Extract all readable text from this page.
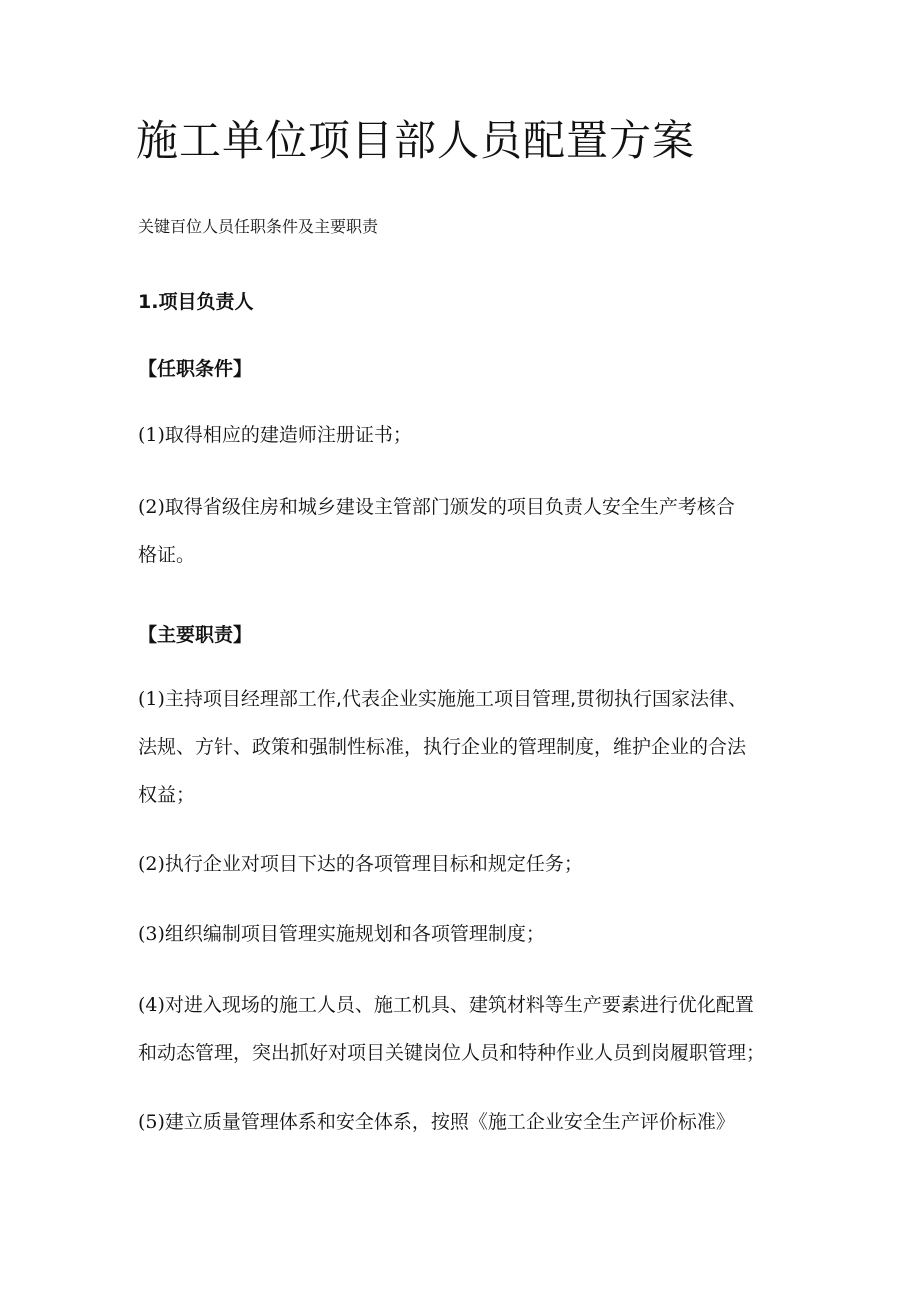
施工单位项目部人员配置方案
关键百位人员任职条件及主要职责
1.项目负责人
【任职条件】
(1)取得相应的建造师注册证书；
(2)取得省级住房和城乡建设主管部门颁发的项目负责人安全生产考核合
格证。
【主要职责】
(1)主持项目经理部工作,代表企业实施施工项目管理,贯彻执行国家法律、
法规、方针、政策和强制性标准，执行企业的管理制度，维护企业的合法
权益；
(2)执行企业对项目下达的各项管理目标和规定任务；
(3)组织编制项目管理实施规划和各项管理制度；
(4)对进入现场的施工人员、施工机具、建筑材料等生产要素进行优化配置
和动态管理，突出抓好对项目关键岗位人员和特种作业人员到岗履职管理；
(5)建立质量管理体系和安全体系，按照《施工企业安全生产评价标准》
